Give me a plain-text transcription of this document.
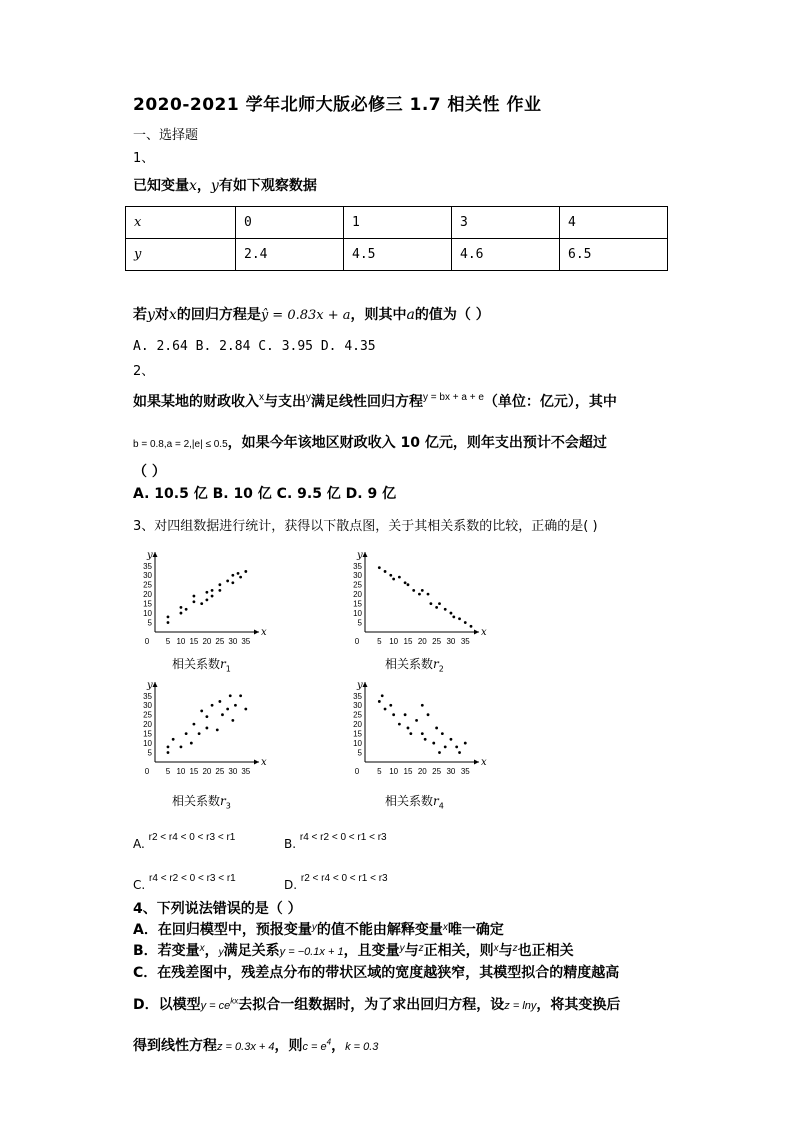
2020-2021 学年北师大版必修三 1.7 相关性 作业
一、选择题
1、
已知变量x，y有如下观察数据
x	0	1	3	4
y	2.4	4.5	4.6	6.5
若y对x的回归方程是ŷ = 0.83x + a，则其中a的值为（ ）
A. 2.64 B. 2.84 C. 3.95 D. 4.35
2、
如果某地的财政收入$^x$与支出$^y$满足线性回归方程$^{y = bx + a + e}$（单位：亿元），其中
b = 0.8,a = 2,|e| ≤ 0.5，如果今年该地区财政收入 10 亿元，则年支出预计不会超过
（ ）
A. 10.5 亿 B. 10 亿 C. 9.5 亿 D. 9 亿
3、对四组数据进行统计，获得以下散点图，关于其相关系数的比较，正确的是( )
y
x
35
30
25
20
15
10
5
0 5 10 15 20 25 30 35
y
x
35
30
25
20
15
10
5
0 5 10 15 20 25 30 35
y
x
35
30
25
20
15
10
5
0 5 10 15 20 25 30 35
y
x
35
30
25
20
15
10
5
0 5 10 15 20 25 30 35
相关系数$r_1$	相关系数$r_2$
相关系数$r_3$	相关系数$r_4$
A. $^{r2 < r4 < 0 < r3 < r1}$	B. $^{r4 < r2 < 0 < r1 < r3}$
C. $^{r4 < r2 < 0 < r3 < r1}$	D. $^{r2 < r4 < 0 < r1 < r3}$
4、下列说法错误的是（ ）
A．在回归模型中，预报变量$^y$的值不能由解释变量$^x$唯一确定
B．若变量$^x$，y满足关系y = −0.1x + 1，且变量$^y$与$^z$正相关，则$^x$与$^z$也正相关
C．在残差图中，残差点分布的带状区域的宽度越狭窄，其模型拟合的精度越高
D．以模型$y = ce^{kx}$去拟合一组数据时，为了求出回归方程，设z = lny，将其变换后
得到线性方程z = 0.3x + 4，则$c = e^4$，k = 0.3
